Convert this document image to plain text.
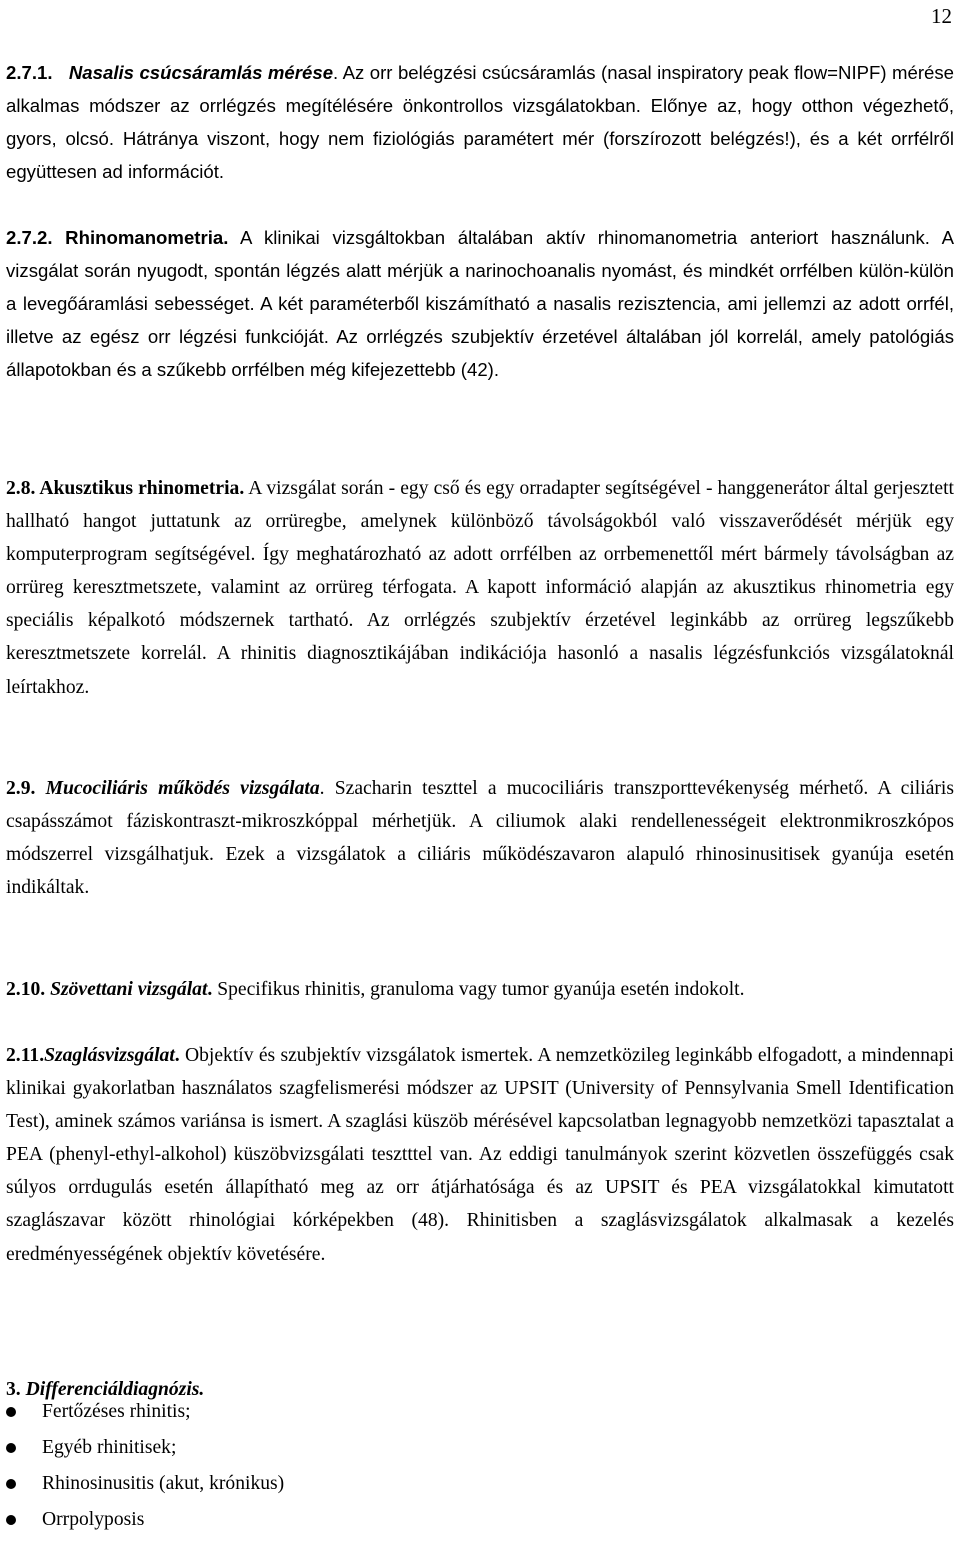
12

2.7.1. Nasalis csúcsáramlás mérése. Az orr belégzési csúcsáramlás (nasal inspiratory peak flow=NIPF) mérése alkalmas módszer az orrlégzés megítélésére önkontrollos vizsgálatokban. Előnye az, hogy otthon végezhető, gyors, olcsó. Hátránya viszont, hogy nem fiziológiás paramétert mér (forszírozott belégzés!), és a két orrfélről együttesen ad információt.

2.7.2. Rhinomanometria. A klinikai vizsgáltokban általában aktív rhinomanometria anteriort használunk. A vizsgálat során nyugodt, spontán légzés alatt mérjük a narinochoanalis nyomást, és mindkét orrfélben külön-külön a levegőáramlási sebességet. A két paraméterből kiszámítható a nasalis rezisztencia, ami jellemzi az adott orrfél, illetve az egész orr légzési funkcióját. Az orrlégzés szubjektív érzetével általában jól korrelál, amely patológiás állapotokban és a szűkebb orrfélben még kifejezettebb (42).

2.8. Akusztikus rhinometria. A vizsgálat során - egy cső és egy orradapter segítségével - hanggenerátor által gerjesztett hallható hangot juttatunk az orrüregbe, amelynek különböző távolságokból való visszaverődését mérjük egy komputerprogram segítségével. Így meghatározható az adott orrfélben az orrbemenettől mért bármely távolságban az orrüreg keresztmetszete, valamint az orrüreg térfogata. A kapott információ alapján az akusztikus rhinometria egy speciális képalkotó módszernek tartható. Az orrlégzés szubjektív érzetével leginkább az orrüreg legszűkebb keresztmetszete korrelál. A rhinitis diagnosztikájában indikációja hasonló a nasalis légzésfunkciós vizsgálatoknál leírtakhoz.

2.9. Mucociliáris működés vizsgálata. Szacharin teszttel a mucociliáris transzporttevékenység mérhető. A ciliáris csapásszámot fáziskontraszt-mikroszkóppal mérhetjük. A ciliumok alaki rendellenességeit elektronmikroszkópos módszerrel vizsgálhatjuk. Ezek a vizsgálatok a ciliáris működészavaron alapuló rhinosinusitisek gyanúja esetén indikáltak.

2.10. Szövettani vizsgálat. Specifikus rhinitis, granuloma vagy tumor gyanúja esetén indokolt.

2.11.Szaglásvizsgálat. Objektív és szubjektív vizsgálatok ismertek. A nemzetközileg leginkább elfogadott, a mindennapi klinikai gyakorlatban használatos szagfelismerési módszer az UPSIT (University of Pennsylvania Smell Identification Test), aminek számos variánsa is ismert. A szaglási küszöb mérésével kapcsolatban legnagyobb nemzetközi tapasztalat a PEA (phenyl-ethyl-alkohol) küszöbvizsgálati tesztttel van. Az eddigi tanulmányok szerint közvetlen összefüggés csak súlyos orrdugulás esetén állapítható meg az orr átjárhatósága és az UPSIT és PEA vizsgálatokkal kimutatott szaglászavar között rhinológiai kórképekben (48). Rhinitisben a szaglásvizsgálatok alkalmasak a kezelés eredményességének objektív követésére.

3. Differenciáldiagnózis.

Fertőzéses rhinitis;
Egyéb rhinitisek;
Rhinosinusitis (akut, krónikus)
Orrpolyposis
